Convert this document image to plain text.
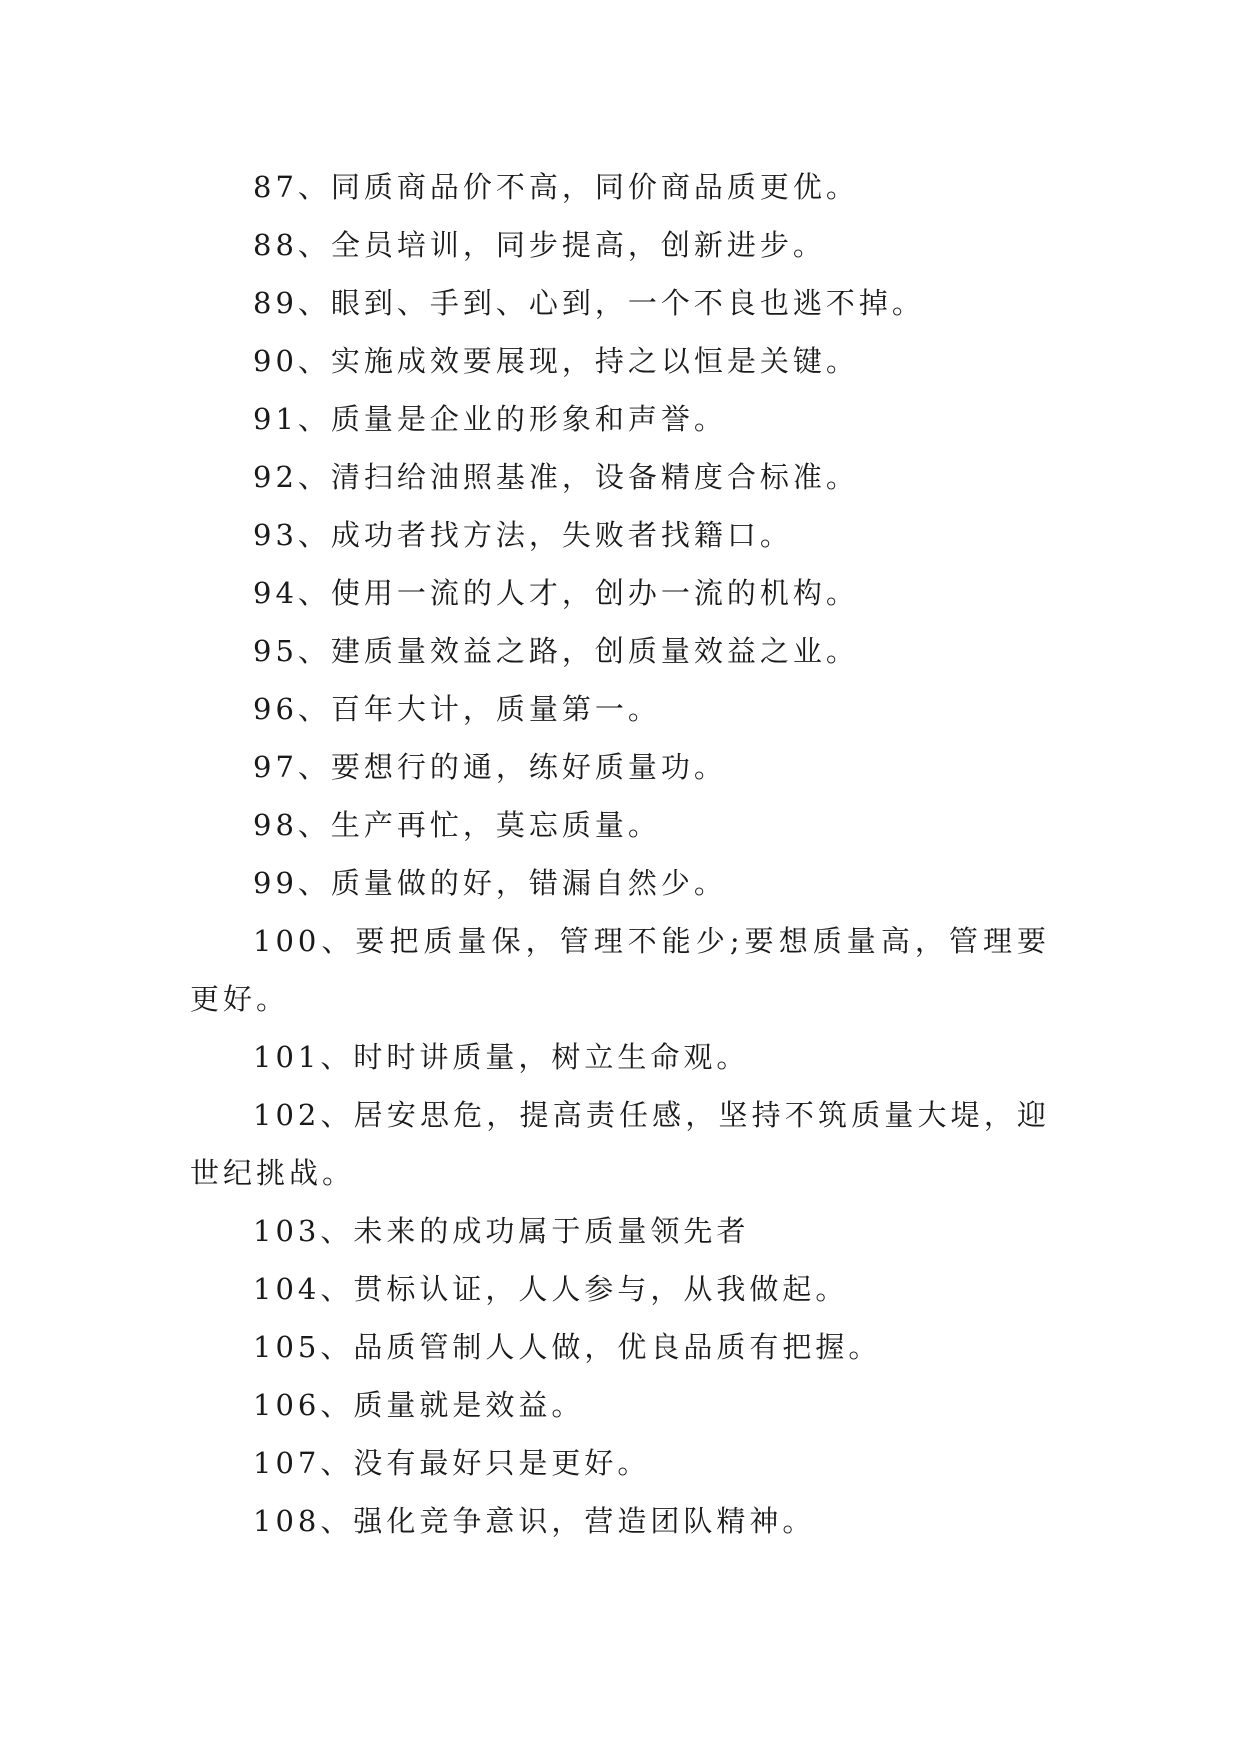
87、同质商品价不高，同价商品质更优。

88、全员培训，同步提高，创新进步。

89、眼到、手到、心到，一个不良也逃不掉。

90、实施成效要展现，持之以恒是关键。

91、质量是企业的形象和声誉。

92、清扫给油照基准，设备精度合标准。

93、成功者找方法，失败者找籍口。

94、使用一流的人才，创办一流的机构。

95、建质量效益之路，创质量效益之业。

96、百年大计，质量第一。

97、要想行的通，练好质量功。

98、生产再忙，莫忘质量。

99、质量做的好，错漏自然少。

100、要把质量保，管理不能少;要想质量高，管理要更好。

101、时时讲质量，树立生命观。

102、居安思危，提高责任感，坚持不筑质量大堤，迎世纪挑战。

103、未来的成功属于质量领先者

104、贯标认证，人人参与，从我做起。

105、品质管制人人做，优良品质有把握。

106、质量就是效益。

107、没有最好只是更好。

108、强化竞争意识，营造团队精神。
